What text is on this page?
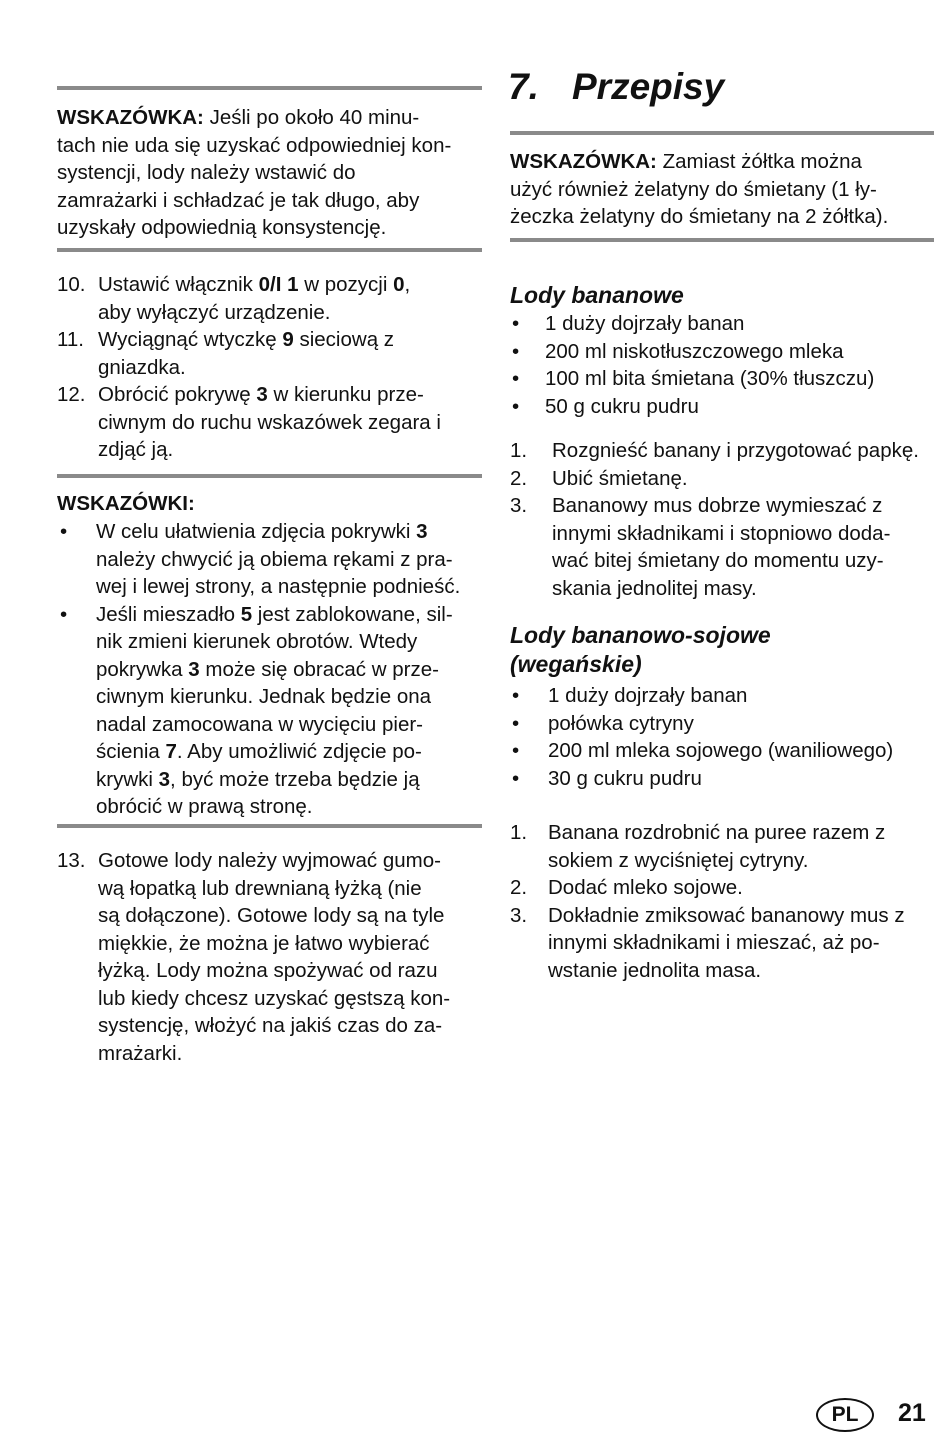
7. Przepisy
WSKAZÓWKA: Jeśli po około 40 minu-
tach nie uda się uzyskać odpowiedniej kon-
systencji, lody należy wstawić do
zamrażarki i schładzać je tak długo, aby
uzyskały odpowiednią konsystencję.
10. Ustawić włącznik 0/I 1 w pozycji 0,
aby wyłączyć urządzenie.
11. Wyciągnąć wtyczkę 9 sieciową z
gniazdka.
12. Obrócić pokrywę 3 w kierunku prze-
ciwnym do ruchu wskazówek zegara i
zdjąć ją.
WSKAZÓWKI:
• W celu ułatwienia zdjęcia pokrywki 3
należy chwycić ją obiema rękami z pra-
wej i lewej strony, a następnie podnieść.
• Jeśli mieszadło 5 jest zablokowane, sil-
nik zmieni kierunek obrotów. Wtedy
pokrywka 3 może się obracać w prze-
ciwnym kierunku. Jednak będzie ona
nadal zamocowana w wycięciu pier-
ścienia 7. Aby umożliwić zdjęcie po-
krywki 3, być może trzeba będzie ją
obrócić w prawą stronę.
13. Gotowe lody należy wyjmować gumo-
wą łopatką lub drewnianą łyżką (nie
są dołączone). Gotowe lody są na tyle
miękkie, że można je łatwo wybierać
łyżką. Lody można spożywać od razu
lub kiedy chcesz uzyskać gęstszą kon-
systencję, włożyć na jakiś czas do za-
mrażarki.
WSKAZÓWKA: Zamiast żółtka można
użyć również żelatyny do śmietany (1 ły-
żeczka żelatyny do śmietany na 2 żółtka).
Lody bananowe
• 1 duży dojrzały banan
• 200 ml niskotłuszczowego mleka
• 100 ml bita śmietana (30% tłuszczu)
• 50 g cukru pudru
1. Rozgnieść banany i przygotować papkę.
2. Ubić śmietanę.
3. Bananowy mus dobrze wymieszać z
innymi składnikami i stopniowo doda-
wać bitej śmietany do momentu uzy-
skania jednolitej masy.
Lody bananowo-sojowe
(wegańskie)
• 1 duży dojrzały banan
• połówka cytryny
• 200 ml mleka sojowego (waniliowego)
• 30 g cukru pudru
1. Banana rozdrobnić na puree razem z
sokiem z wyciśniętej cytryny.
2. Dodać mleko sojowe.
3. Dokładnie zmiksować bananowy mus z
innymi składnikami i mieszać, aż po-
wstanie jednolita masa.
PL	21
